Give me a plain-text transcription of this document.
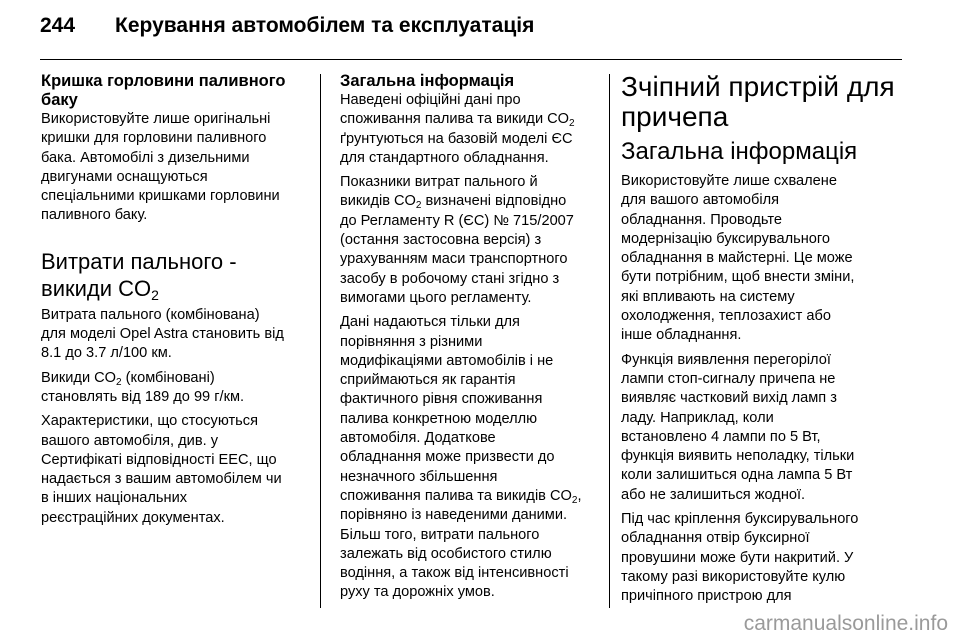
244 Керування автомобілем та експлуатація
Кришка горловини паливного
баку

Використовуйте лише оригінальні
кришки для горловини паливного
бака. Автомобілі з дизельними
двигунами оснащуються
спеціальними кришками горловини
паливного баку.

Витрати пального -
викиди $CO_2$

Витрата пального (комбінована)
для моделі Opel Astra становить від
8.1 до 3.7 л/100 км.

Викиди $CO_2$ (комбіновані)
становлять від 189 до 99 г/км.

Характеристики, що стосуються
вашого автомобіля, див. у
Сертифікаті відповідності ЕЕС, що
надається з вашим автомобілем чи
в інших національних
реєстраційних документах.

Загальна інформація

Наведені офіційні дані про
споживання палива та викиди $CO_2$
ґрунтуються на базовій моделі ЄС
для стандартного обладнання.

Показники витрат пального й
викидів $CO_2$ визначені відповідно
до Регламенту R (ЄС) № 715/2007
(остання застосовна версія) з
урахуванням маси транспортного
засобу в робочому стані згідно з
вимогами цього регламенту.

Дані надаються тільки для
порівняння з різними
модифікаціями автомобілів і не
сприймаються як гарантія
фактичного рівня споживання
палива конкретною моделлю
автомобіля. Додаткове
обладнання може призвести до
незначного збільшення
споживання палива та викидів $CO_2$,
порівняно із наведеними даними.
Більш того, витрати пального
залежать від особистого стилю
водіння, а також від інтенсивності
руху та дорожніх умов.

Зчіпний пристрій для
причепа
Загальна інформація

Використовуйте лише схвалене
для вашого автомобіля
обладнання. Проводьте
модернізацію буксирувального
обладнання в майстерні. Це може
бути потрібним, щоб внести зміни,
які впливають на систему
охолодження, теплозахист або
інше обладнання.

Функція виявлення перегорілої
лампи стоп-сигналу причепа не
виявляє частковий вихід ламп з
ладу. Наприклад, коли
встановлено 4 лампи по 5 Вт,
функція виявить неполадку, тільки
коли залишиться одна лампа 5 Вт
або не залишиться жодної.

Під час кріплення буксирувального
обладнання отвір буксирної
провушини може бути накритий. У
такому разі використовуйте кулю
причіпного пристрою для

carmanualsonline.info
